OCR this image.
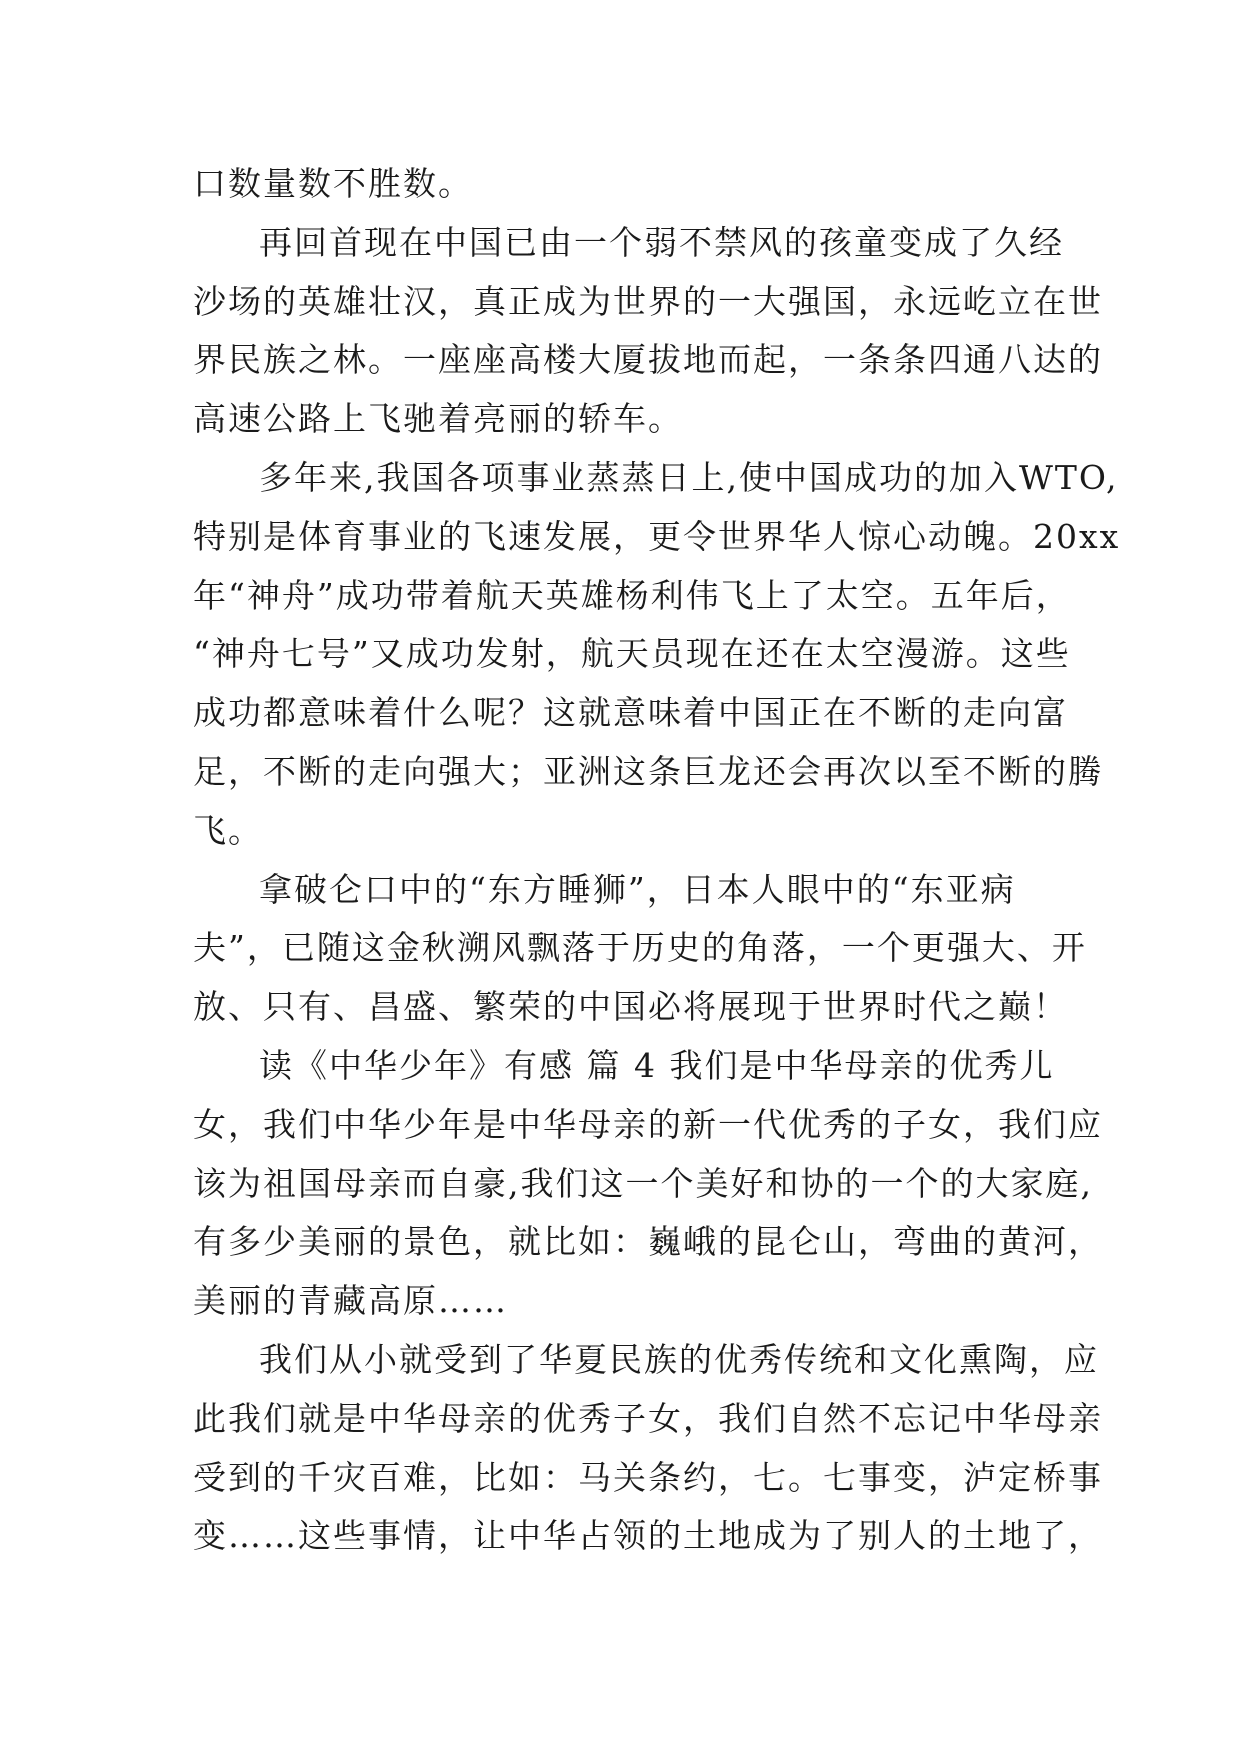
口数量数不胜数。
再回首现在中国已由一个弱不禁风的孩童变成了久经
沙场的英雄壮汉，真正成为世界的一大强国，永远屹立在世
界民族之林。一座座高楼大厦拔地而起，一条条四通八达的
高速公路上飞驰着亮丽的轿车。
多年来,我国各项事业蒸蒸日上,使中国成功的加入WTO,
特别是体育事业的飞速发展，更令世界华人惊心动魄。20xx
年“神舟”成功带着航天英雄杨利伟飞上了太空。五年后，
“神舟七号”又成功发射，航天员现在还在太空漫游。这些
成功都意味着什么呢？这就意味着中国正在不断的走向富
足，不断的走向强大；亚洲这条巨龙还会再次以至不断的腾
飞。
拿破仑口中的“东方睡狮”，日本人眼中的“东亚病
夫”，已随这金秋溯风飘落于历史的角落，一个更强大、开
放、只有、昌盛、繁荣的中国必将展现于世界时代之巅！
读《中华少年》有感 篇 4 我们是中华母亲的优秀儿
女，我们中华少年是中华母亲的新一代优秀的子女，我们应
该为祖国母亲而自豪,我们这一个美好和协的一个的大家庭,
有多少美丽的景色，就比如：巍峨的昆仑山，弯曲的黄河，
美丽的青藏高原……
我们从小就受到了华夏民族的优秀传统和文化熏陶，应
此我们就是中华母亲的优秀子女，我们自然不忘记中华母亲
受到的千灾百难，比如：马关条约，七。七事变，泸定桥事
变……这些事情，让中华占领的土地成为了别人的土地了，
